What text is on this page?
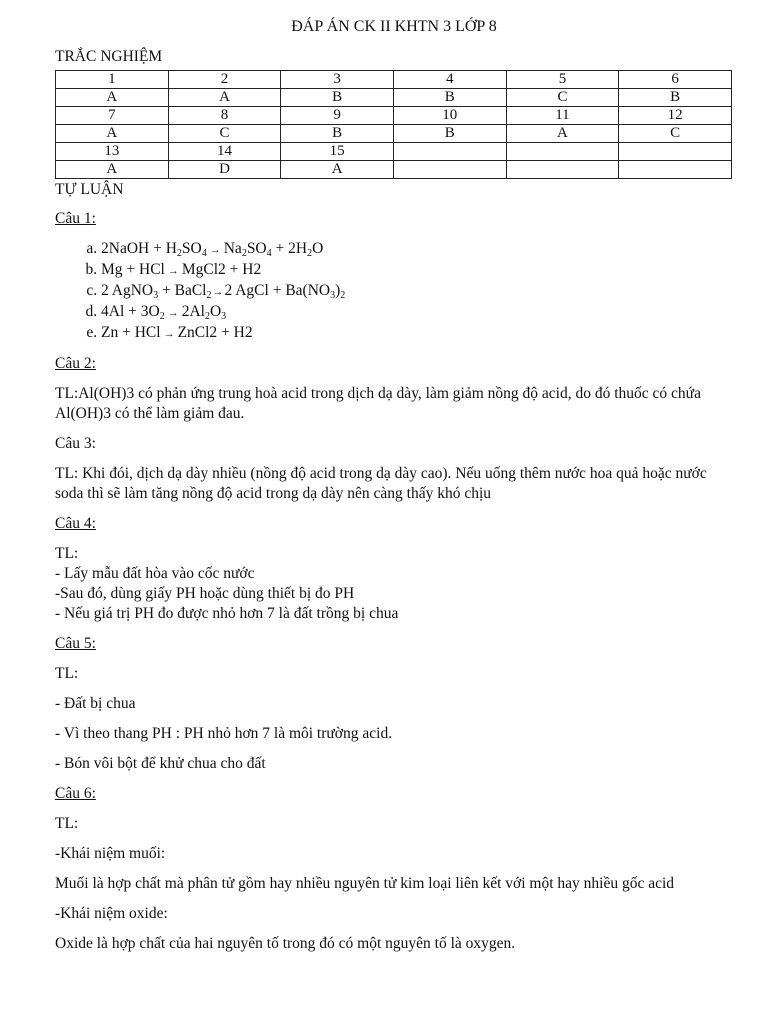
ĐÁP ÁN CK II KHTN 3 LỚP 8
TRẮC NGHIỆM
1	2	3	4	5	6
A	A	B	B	C	B
7	8	9	10	11	12
A	C	B	B	A	C
13	14	15			
A	D	A			
TỰ LUẬN
Câu 1:
a. 2NaOH + $H_2SO_4 \to Na_2SO_4 + 2H_2O$
b. Mg + HCl → MgCl2 + H2
c. 2 AgNO$_3$ + BaCl$_2$→2 AgCl + $Ba(NO_3)_2$
d. $4Al + 3O_2 \to 2Al_2O_3$
e. Zn + HCl → ZnCl2 + H2
Câu 2:
TL:Al(OH)3 có phản ứng trung hoà acid trong dịch dạ dày, làm giảm nồng độ acid, do đó thuốc có chứa Al(OH)3 có thể làm giảm đau.
Câu 3:
TL: Khi đói, dịch dạ dày nhiều (nồng độ acid trong dạ dày cao). Nếu uống thêm nước hoa quả hoặc nước soda thì sẽ làm tăng nồng độ acid trong dạ dày nên càng thấy khó chịu
Câu 4:
TL:
- Lấy mẫu đất hòa vào cốc nước
-Sau đó, dùng giấy PH hoặc dùng thiết bị đo PH
- Nếu giá trị PH đo được nhỏ hơn 7 là đất trồng bị chua
Câu 5:
TL:
- Đất bị chua
- Vì theo thang PH : PH nhỏ hơn 7 là môi trường acid.
- Bón vôi bột để khử chua cho đất
Câu 6:
TL:
-Khái niệm muối:
Muối là hợp chất mà phân tử gồm hay nhiều nguyên tử kim loại liên kết với một hay nhiều gốc acid
-Khái niệm oxide:
Oxide là hợp chất của hai nguyên tố trong đó có một nguyên tố là oxygen.
